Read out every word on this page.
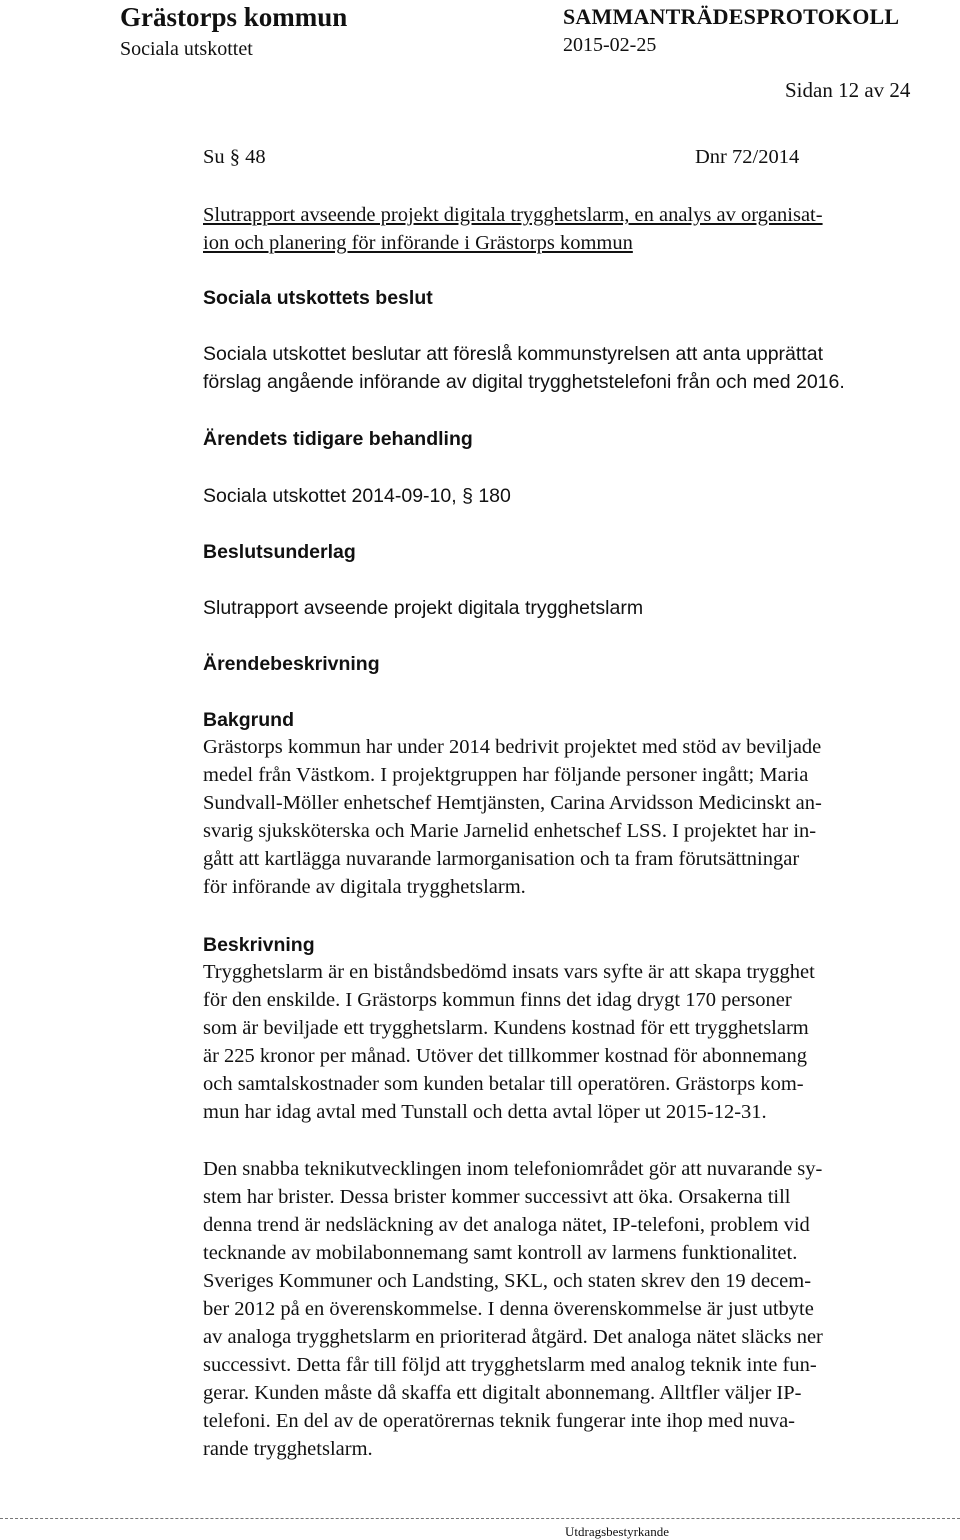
Grästorps kommun
Sociala utskottet
SAMMANTRÄDESPROTOKOLL
2015-02-25
Sidan 12 av 24
Su § 48	Dnr 72/2014
Slutrapport avseende projekt digitala trygghetslarm, en analys av organisat-
ion och planering för införande i Grästorps kommun
Sociala utskottets beslut
Sociala utskottet beslutar att föreslå kommunstyrelsen att anta upprättat
förslag angående införande av digital trygghetstelefoni från och med 2016.
Ärendets tidigare behandling
Sociala utskottet 2014-09-10, § 180
Beslutsunderlag
Slutrapport avseende projekt digitala trygghetslarm
Ärendebeskrivning
Bakgrund
Grästorps kommun har under 2014 bedrivit projektet med stöd av beviljade
medel från Västkom. I projektgruppen har följande personer ingått; Maria
Sundvall-Möller enhetschef Hemtjänsten, Carina Arvidsson Medicinskt an-
svarig sjuksköterska och Marie Jarnelid enhetschef LSS. I projektet har in-
gått att kartlägga nuvarande larmorganisation och ta fram förutsättningar
för införande av digitala trygghetslarm.
Beskrivning
Trygghetslarm är en biståndsbedömd insats vars syfte är att skapa trygghet
för den enskilde. I Grästorps kommun finns det idag drygt 170 personer
som är beviljade ett trygghetslarm. Kundens kostnad för ett trygghetslarm
är 225 kronor per månad. Utöver det tillkommer kostnad för abonnemang
och samtalskostnader som kunden betalar till operatören. Grästorps kom-
mun har idag avtal med Tunstall och detta avtal löper ut 2015-12-31.
Den snabba teknikutvecklingen inom telefoniområdet gör att nuvarande sy-
stem har brister. Dessa brister kommer successivt att öka. Orsakerna till
denna trend är nedsläckning av det analoga nätet, IP-telefoni, problem vid
tecknande av mobilabonnemang samt kontroll av larmens funktionalitet.
Sveriges Kommuner och Landsting, SKL, och staten skrev den 19 decem-
ber 2012 på en överenskommelse. I denna överenskommelse är just utbyte
av analoga trygghetslarm en prioriterad åtgärd. Det analoga nätet släcks ner
successivt. Detta får till följd att trygghetslarm med analog teknik inte fun-
gerar. Kunden måste då skaffa ett digitalt abonnemang. Alltfler väljer IP-
telefoni. En del av de operatörernas teknik fungerar inte ihop med nuva-
rande trygghetslarm.
Utdragsbestyrkande
